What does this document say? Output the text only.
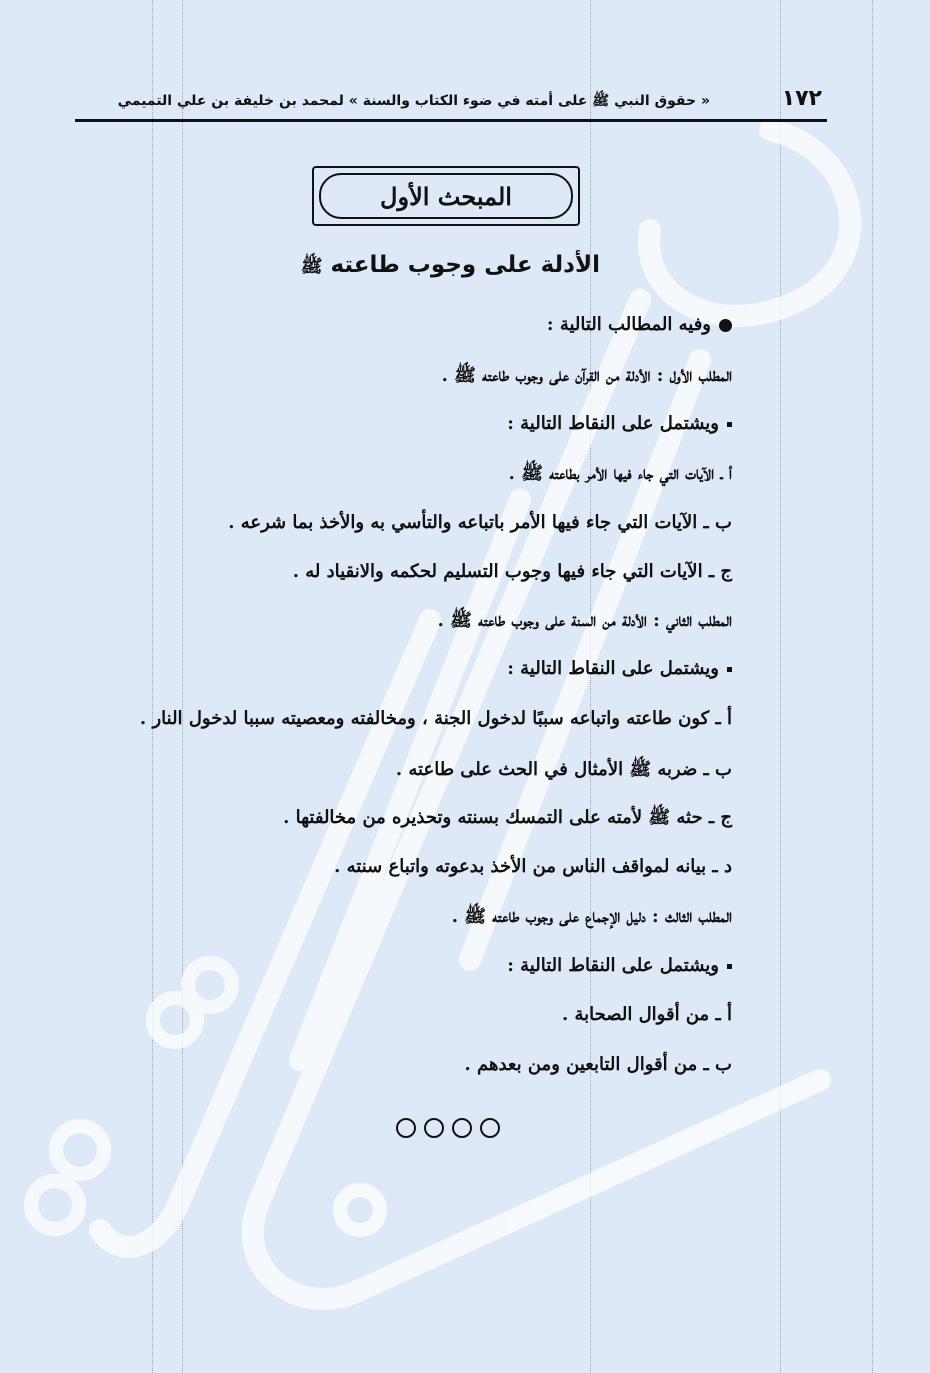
١٧٢
« حقوق النبي ﷺ على أمته في ضوء الكتاب والسنة » لمحمد بن خليفة بن علي التميمي
المبحث الأول
الأدلة على وجوب طاعته ﷺ
وفيه المطالب التالية :
المطلب الأول : الأدلة من القرآن على وجوب طاعته ﷺ .
ويشتمل على النقاط التالية :
أ ـ الآيات التي جاء فيها الأمر بطاعته ﷺ .
ب ـ الآيات التي جاء فيها الأمر باتباعه والتأسي به والأخذ بما شرعه .
ج ـ الآيات التي جاء فيها وجوب التسليم لحكمه والانقياد له .
المطلب الثاني : الأدلة من السنة على وجوب طاعته ﷺ .
ويشتمل على النقاط التالية :
أ ـ كون طاعته واتباعه سببًا لدخول الجنة ، ومخالفته ومعصيته سببا لدخول النار .
ب ـ ضربه ﷺ الأمثال في الحث على طاعته .
ج ـ حثه ﷺ لأمته على التمسك بسنته وتحذيره من مخالفتها .
د ـ بيانه لمواقف الناس من الأخذ بدعوته واتباع سنته .
المطلب الثالث : دليل الإجماع على وجوب طاعته ﷺ .
ويشتمل على النقاط التالية :
أ ـ من أقوال الصحابة .
ب ـ من أقوال التابعين ومن بعدهم .
